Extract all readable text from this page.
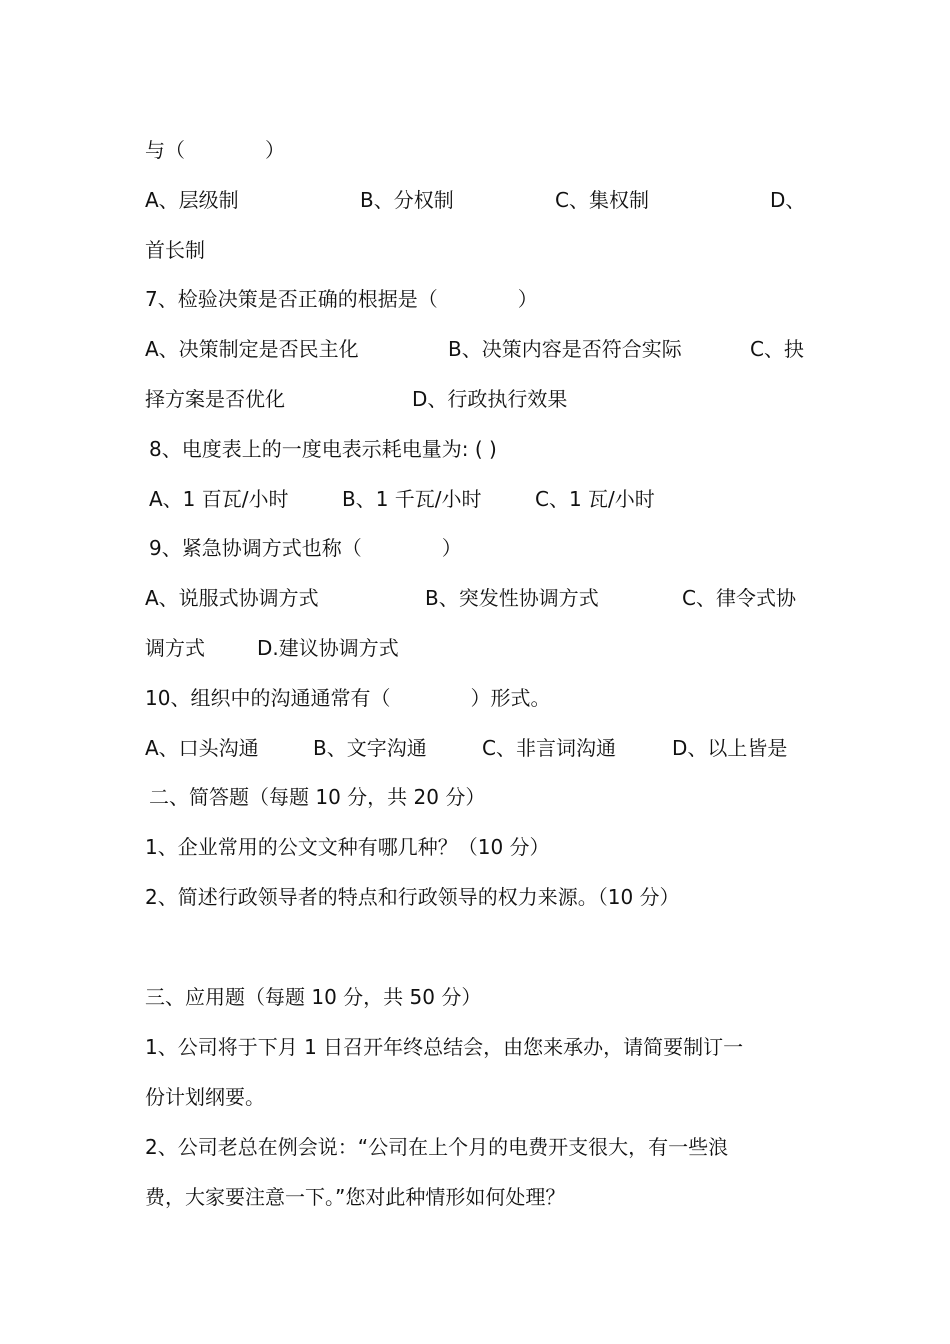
与（　　　　）

A、层级制

	B、分权制

	C、集权制

	D、

首长制
7、检验决策是否正确的根据是（　　　　）

A、决策制定是否民主化

	B、决策内容是否符合实际

	C、抉

择方案是否优化

	D、行政执行效果

8、电度表上的一度电表示耗电量为: ( )

A、1 百瓦/小时

	B、1 千瓦/小时

	C、1 瓦/小时

9、紧急协调方式也称（　　　　）

A、说服式协调方式

	B、突发性协调方式

	C、律令式协

调方式

	D.建议协调方式

10、组织中的沟通通常有（　　　　）形式。

A、口头沟通

	B、文字沟通

	C、非言词沟通

	D、以上皆是

二、简答题（每题 10 分，共 20 分）
1、企业常用的公文文种有哪几种？（10 分）
2、简述行政领导者的特点和行政领导的权力来源。（10 分）
三、应用题（每题 10 分，共 50 分）
1、公司将于下月 1 日召开年终总结会，由您来承办，请简要制订一
份计划纲要。
2、公司老总在例会说：“公司在上个月的电费开支很大，有一些浪
费，大家要注意一下。”您对此种情形如何处理？
